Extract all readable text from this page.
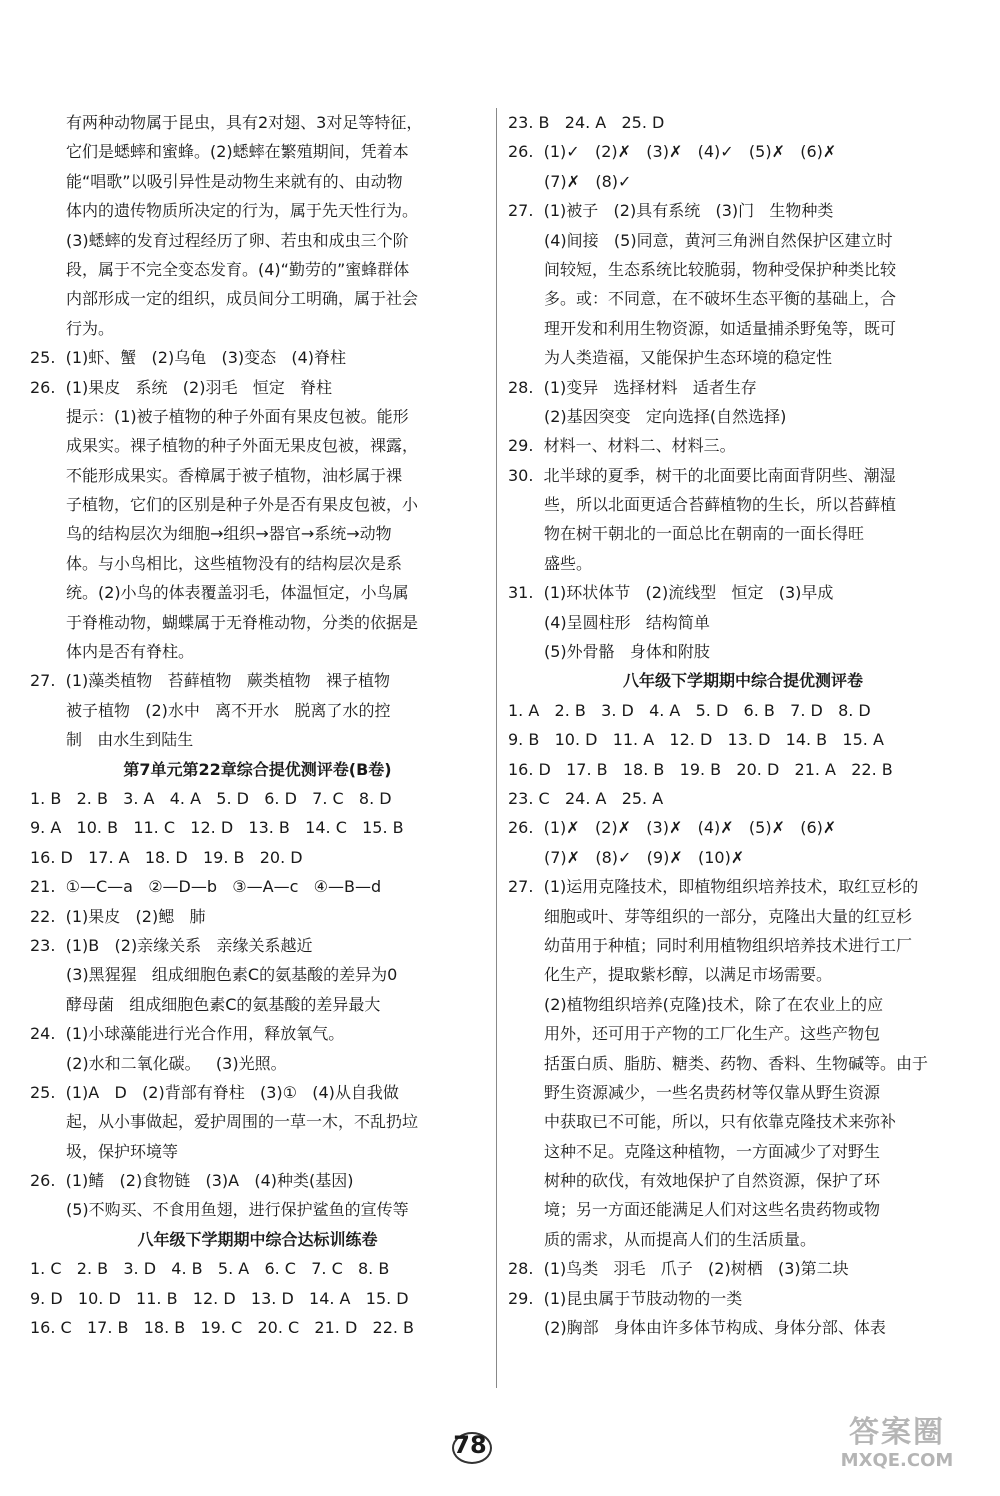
有两种动物属于昆虫，具有2对翅、3对足等特征，
它们是蟋蟀和蜜蜂。(2)蟋蟀在繁殖期间，凭着本
能“唱歌”以吸引异性是动物生来就有的、由动物
体内的遗传物质所决定的行为，属于先天性行为。
(3)蟋蟀的发育过程经历了卵、若虫和成虫三个阶
段，属于不完全变态发育。(4)“勤劳的”蜜蜂群体
内部形成一定的组织，成员间分工明确，属于社会
行为。
25.  (1)虾、蟹   (2)乌龟   (3)变态   (4)脊柱
26.  (1)果皮   系统   (2)羽毛   恒定   脊柱
提示：(1)被子植物的种子外面有果皮包被。能形
成果实。裸子植物的种子外面无果皮包被，裸露，
不能形成果实。香樟属于被子植物，油杉属于裸
子植物，它们的区别是种子外是否有果皮包被，小
鸟的结构层次为细胞→组织→器官→系统→动物
体。与小鸟相比，这些植物没有的结构层次是系
统。(2)小鸟的体表覆盖羽毛，体温恒定，小鸟属
于脊椎动物，蝴蝶属于无脊椎动物，分类的依据是
体内是否有脊柱。
27.  (1)藻类植物   苔藓植物   蕨类植物   裸子植物
被子植物   (2)水中   离不开水   脱离了水的控
制   由水生到陆生
第7单元第22章综合提优测评卷(B卷)
1. B   2. B   3. A   4. A   5. D   6. D   7. C   8. D
9. A   10. B   11. C   12. D   13. B   14. C   15. B
16. D   17. A   18. D   19. B   20. D
21.  ①—C—a   ②—D—b   ③—A—c   ④—B—d
22.  (1)果皮   (2)鳃   肺
23.  (1)B   (2)亲缘关系   亲缘关系越近
(3)黑猩猩   组成细胞色素C的氨基酸的差异为0
酵母菌   组成细胞色素C的氨基酸的差异最大
24.  (1)小球藻能进行光合作用，释放氧气。
(2)水和二氧化碳。   (3)光照。
25.  (1)A   D   (2)背部有脊柱   (3)①   (4)从自我做
起，从小事做起，爱护周围的一草一木，不乱扔垃
圾，保护环境等
26.  (1)鳍   (2)食物链   (3)A   (4)种类(基因)
(5)不购买、不食用鱼翅，进行保护鲨鱼的宣传等
八年级下学期期中综合达标训练卷
1. C   2. B   3. D   4. B   5. A   6. C   7. C   8. B
9. D   10. D   11. B   12. D   13. D   14. A   15. D
16. C   17. B   18. B   19. C   20. C   21. D   22. B
23. B   24. A   25. D
26.  (1)✓   (2)✗   (3)✗   (4)✓   (5)✗   (6)✗
(7)✗   (8)✓
27.  (1)被子   (2)具有系统   (3)门   生物种类
(4)间接   (5)同意，黄河三角洲自然保护区建立时
间较短，生态系统比较脆弱，物种受保护种类比较
多。或：不同意，在不破坏生态平衡的基础上，合
理开发和利用生物资源，如适量捕杀野兔等，既可
为人类造福，又能保护生态环境的稳定性
28.  (1)变异   选择材料   适者生存
(2)基因突变   定向选择(自然选择)
29.  材料一、材料二、材料三。
30.  北半球的夏季，树干的北面要比南面背阴些、潮湿
些，所以北面更适合苔藓植物的生长，所以苔藓植
物在树干朝北的一面总比在朝南的一面长得旺
盛些。
31.  (1)环状体节   (2)流线型   恒定   (3)早成
(4)呈圆柱形   结构简单
(5)外骨骼   身体和附肢
八年级下学期期中综合提优测评卷
1. A   2. B   3. D   4. A   5. D   6. B   7. D   8. D
9. B   10. D   11. A   12. D   13. D   14. B   15. A
16. D   17. B   18. B   19. B   20. D   21. A   22. B
23. C   24. A   25. A
26.  (1)✗   (2)✗   (3)✗   (4)✗   (5)✗   (6)✗
(7)✗   (8)✓   (9)✗   (10)✗
27.  (1)运用克隆技术，即植物组织培养技术，取红豆杉的
细胞或叶、芽等组织的一部分，克隆出大量的红豆杉
幼苗用于种植；同时利用植物组织培养技术进行工厂
化生产，提取紫杉醇，以满足市场需要。
(2)植物组织培养(克隆)技术，除了在农业上的应
用外，还可用于产物的工厂化生产。这些产物包
括蛋白质、脂肪、糖类、药物、香料、生物碱等。由于
野生资源减少，一些名贵药材等仅靠从野生资源
中获取已不可能，所以，只有依靠克隆技术来弥补
这种不足。克隆这种植物，一方面减少了对野生
树种的砍伐，有效地保护了自然资源，保护了环
境；另一方面还能满足人们对这些名贵药物或物
质的需求，从而提高人们的生活质量。
28.  (1)鸟类   羽毛   爪子   (2)树栖   (3)第二块
29.  (1)昆虫属于节肢动物的一类
(2)胸部   身体由许多体节构成、身体分部、体表
78	答案圈
MXQE.COM
